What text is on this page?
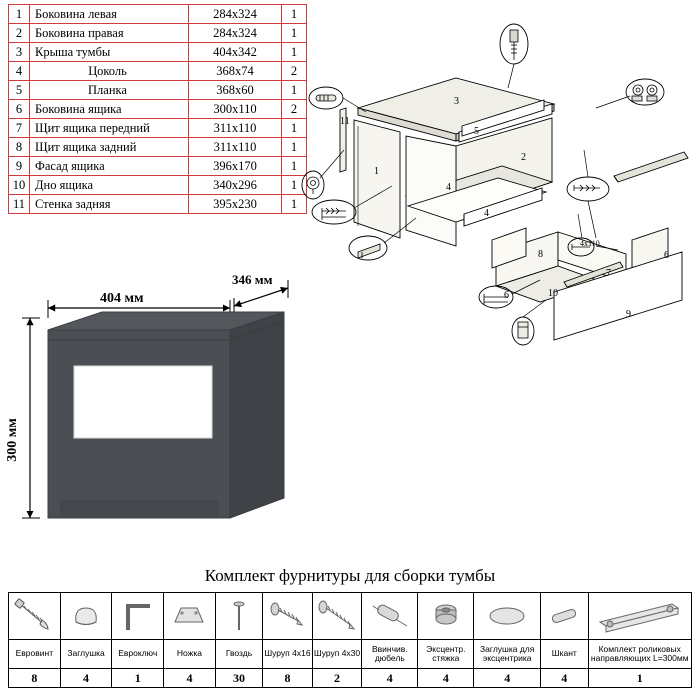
1	Боковина левая	284х324	1
2	Боковина правая	284х324	1
3	Крыша тумбы	404х342	1
4	Цоколь	368х74	2
5	Планка	368х60	1
6	Боковина ящика	300х110	2
7	Щит ящика передний	311х110	1
8	Щит ящика задний	311х110	1
9	Фасад ящика	396х170	1
10	Дно ящика	340х296	1
11	Стенка задняя	395х230	1
11
1
3
2
5
4
4
8
7
6
6	10
9
4х110
404 мм
346 мм
300 мм
Комплект фурнитуры для сборки тумбы

Евровинт	Заглушка	Евроключ	Ножка	Гвоздь	Шуруп 4х16	Шуруп 4х30	Ввинчив. дюбель	Эксцентр. стяжка	Заглушка для эксцентрика	Шкант	Комплект роликовых направляющих L=300мм
8	4	1	4	30	8	2	4	4	4	4	1
